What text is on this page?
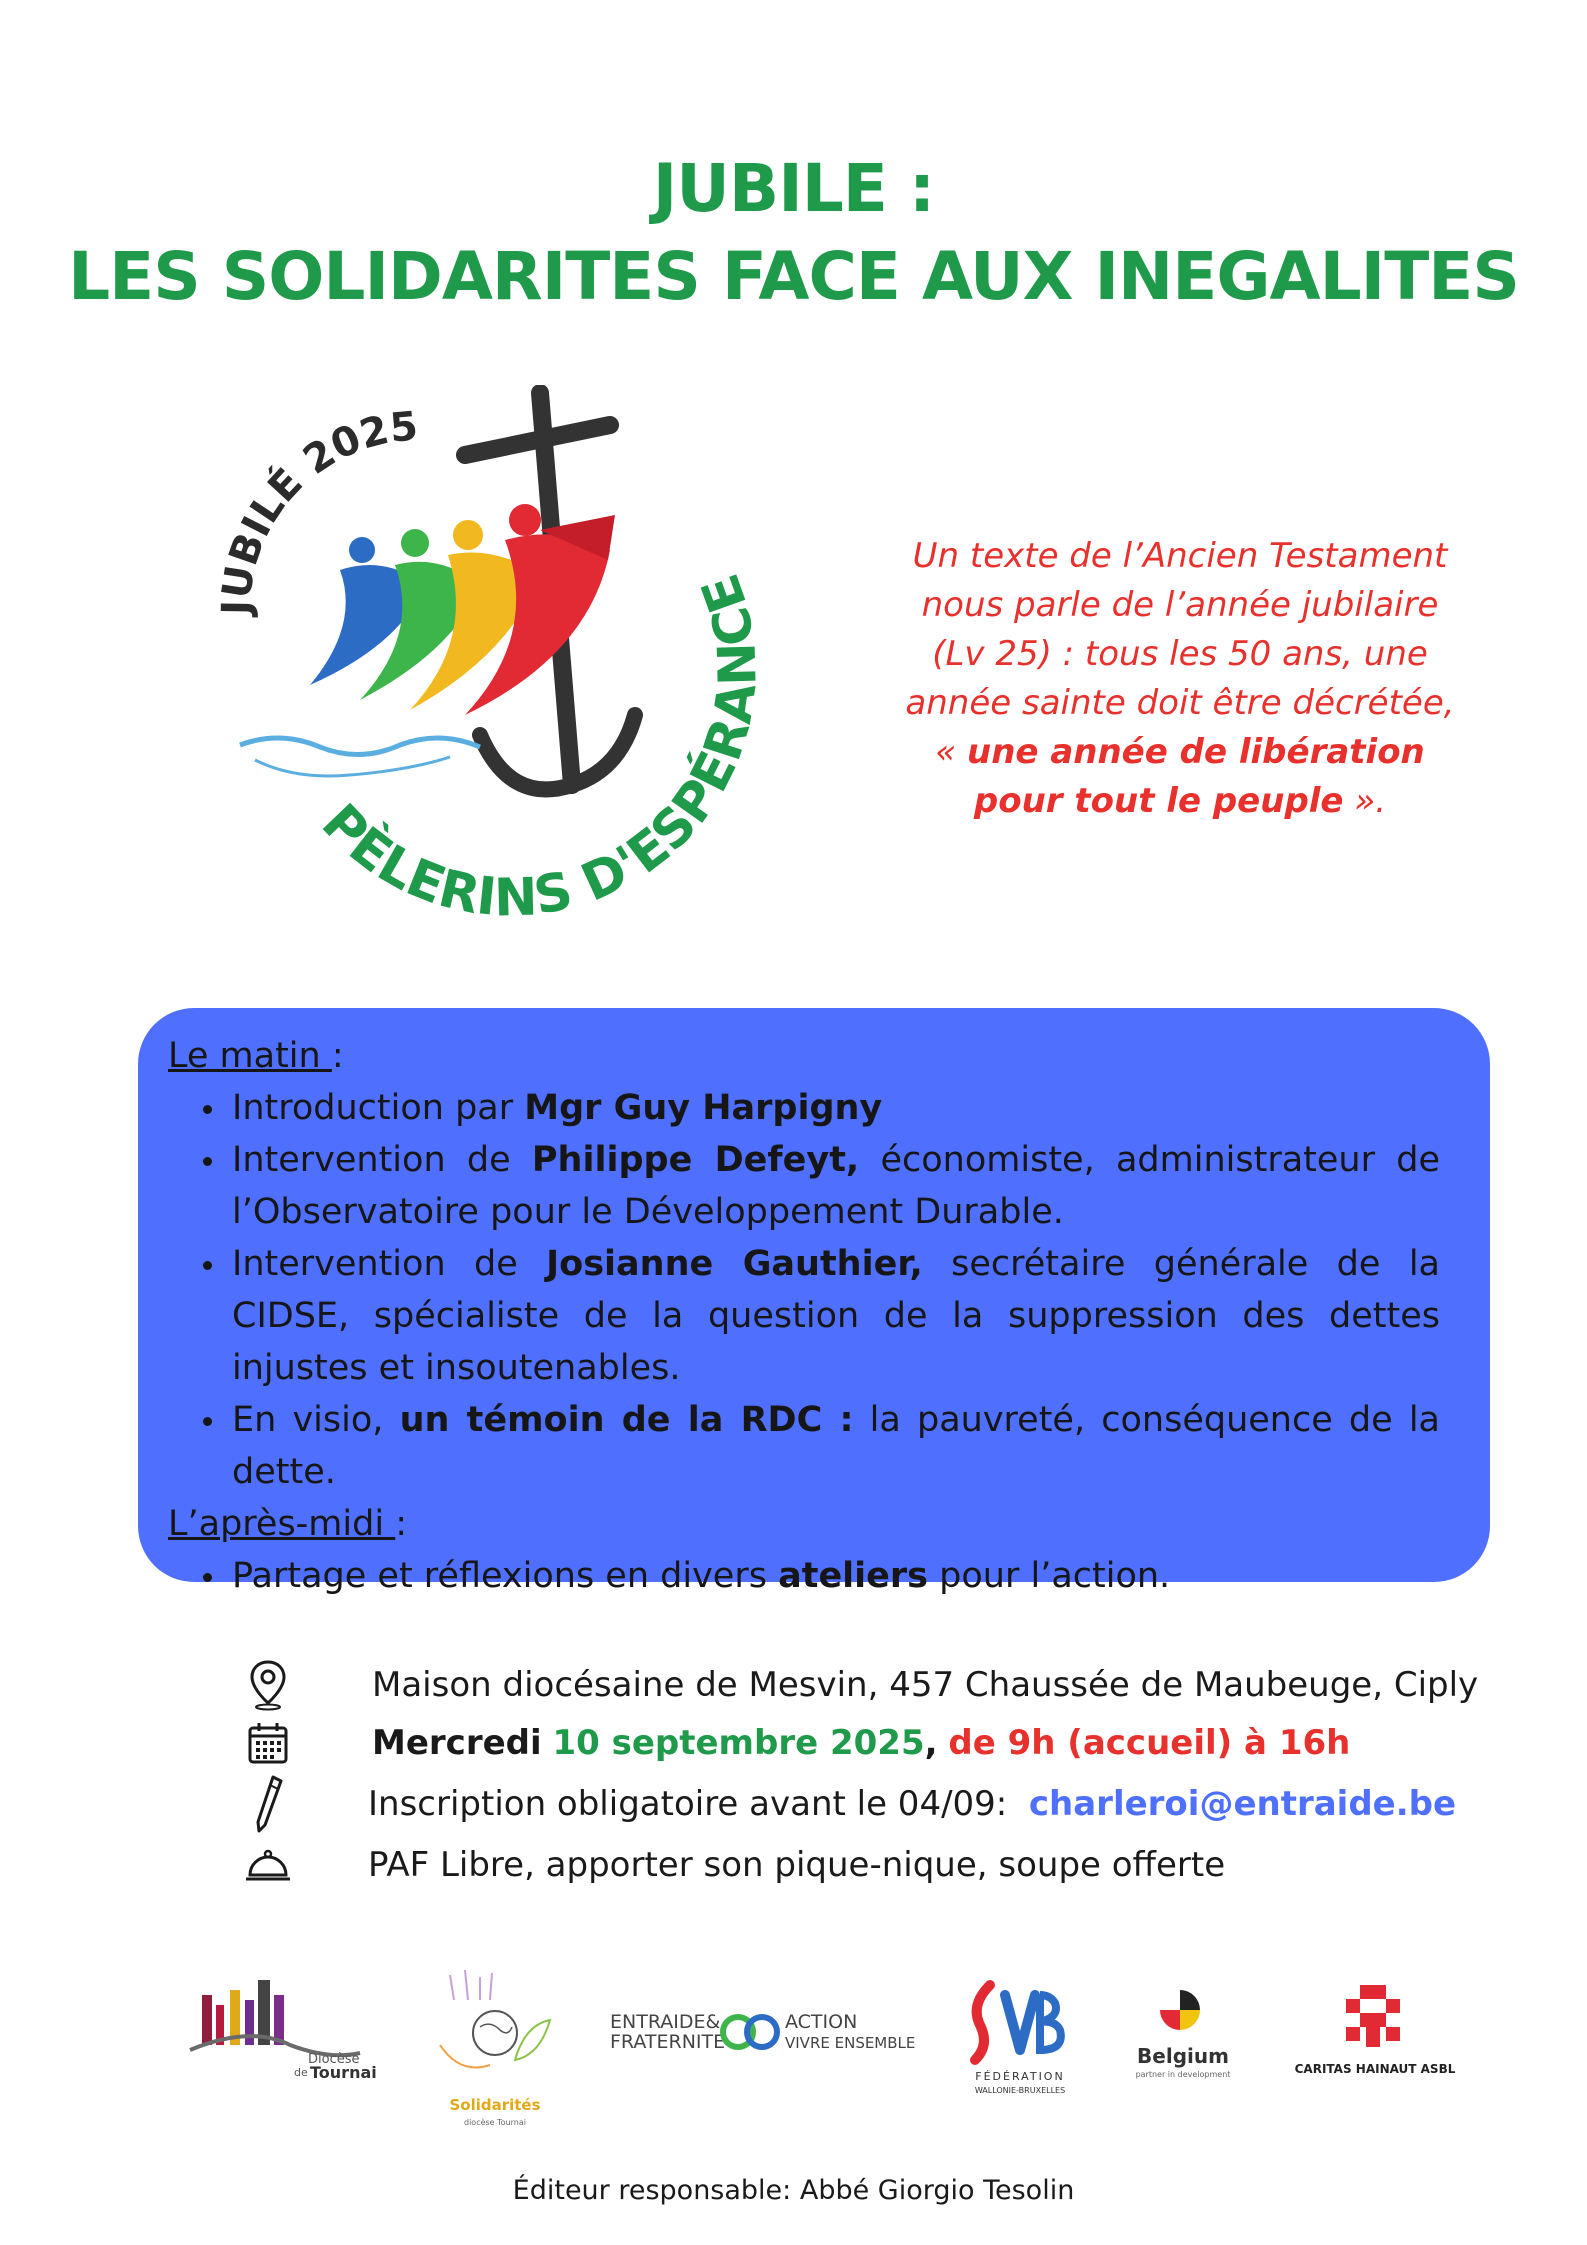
JUBILE :
LES SOLIDARITES FACE AUX INEGALITES
JUBILÉ 2025
PÈLERINS D'ESPÉRANCE
Un texte de l’Ancien Testament
nous parle de l’année jubilaire
(Lv 25) : tous les 50 ans, une
année sainte doit être décrétée,
« une année de libération
pour tout le peuple ».
Le matin :
• Introduction par Mgr Guy Harpigny
• Intervention de Philippe Defeyt, économiste, administrateur de l’Observatoire pour le Développement Durable.
• Intervention de Josianne Gauthier, secrétaire générale de la CIDSE, spécialiste de la question de la suppression des dettes injustes et insoutenables.
• En visio, un témoin de la RDC : la pauvreté, conséquence de la dette.
L’après-midi :
• Partage et réflexions en divers ateliers pour l’action.
Maison diocésaine de Mesvin, 457 Chaussée de Maubeuge, Ciply
Mercredi 10 septembre 2025, de 9h (accueil) à 16h
Inscription obligatoire avant le 04/09: charleroi@entraide.be
PAF Libre, apporter son pique-nique, soupe offerte
Diocèse
de Tournai
Solidarités
diocèse Tournai
ENTRAIDE&
FRATERNITE
ACTION
VIVRE ENSEMBLE
FÉDÉRATION
WALLONIE-BRUXELLES
Belgium
partner in development	CARITAS HAINAUT ASBL
Éditeur responsable: Abbé Giorgio Tesolin
